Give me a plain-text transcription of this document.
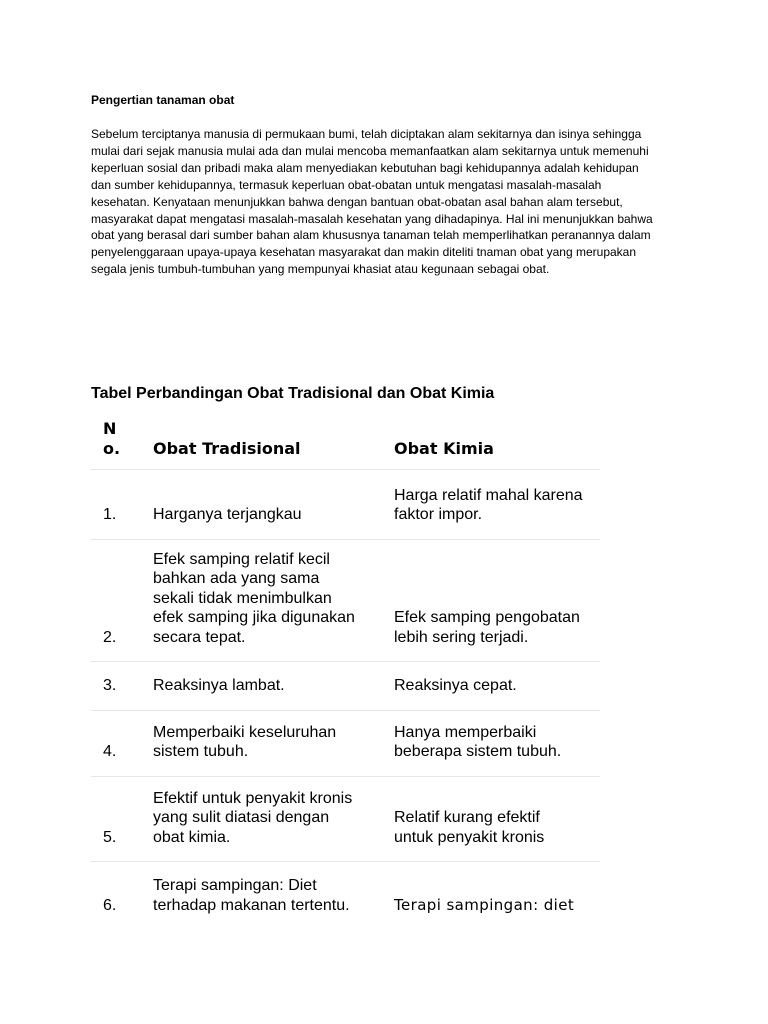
Pengertian tanaman obat

Sebelum terciptanya manusia di permukaan bumi, telah diciptakan alam sekitarnya dan isinya sehingga
mulai dari sejak manusia mulai ada dan mulai mencoba memanfaatkan alam sekitarnya untuk memenuhi
keperluan sosial dan pribadi maka alam menyediakan kebutuhan bagi kehidupannya adalah kehidupan
dan sumber kehidupannya, termasuk keperluan obat-obatan untuk mengatasi masalah-masalah
kesehatan. Kenyataan menunjukkan bahwa dengan bantuan obat-obatan asal bahan alam tersebut,
masyarakat dapat mengatasi masalah-masalah kesehatan yang dihadapinya. Hal ini menunjukkan bahwa
obat yang berasal dari sumber bahan alam khususnya tanaman telah memperlihatkan peranannya dalam
penyelenggaraan upaya-upaya kesehatan masyarakat dan makin diteliti tnaman obat yang merupakan
segala jenis tumbuh-tumbuhan yang mempunyai khasiat atau kegunaan sebagai obat.

Tabel Perbandingan Obat Tradisional dan Obat Kimia
N
o.	Obat Tradisional	Obat Kimia

1.	Harganya terjangkau	Harga relatif mahal karena
faktor impor.

2.	Efek samping relatif kecil
bahkan ada yang sama
sekali tidak menimbulkan
efek samping jika digunakan
secara tepat.	Efek samping pengobatan
lebih sering terjadi.

3.	Reaksinya lambat.	Reaksinya cepat.

4.	Memperbaiki keseluruhan
sistem tubuh.	Hanya memperbaiki
beberapa sistem tubuh.

5.	Efektif untuk penyakit kronis
yang sulit diatasi dengan
obat kimia.	Relatif kurang efektif
untuk penyakit kronis

6.	Terapi sampingan: Diet
terhadap makanan tertentu.	Terapi sampingan: diet
